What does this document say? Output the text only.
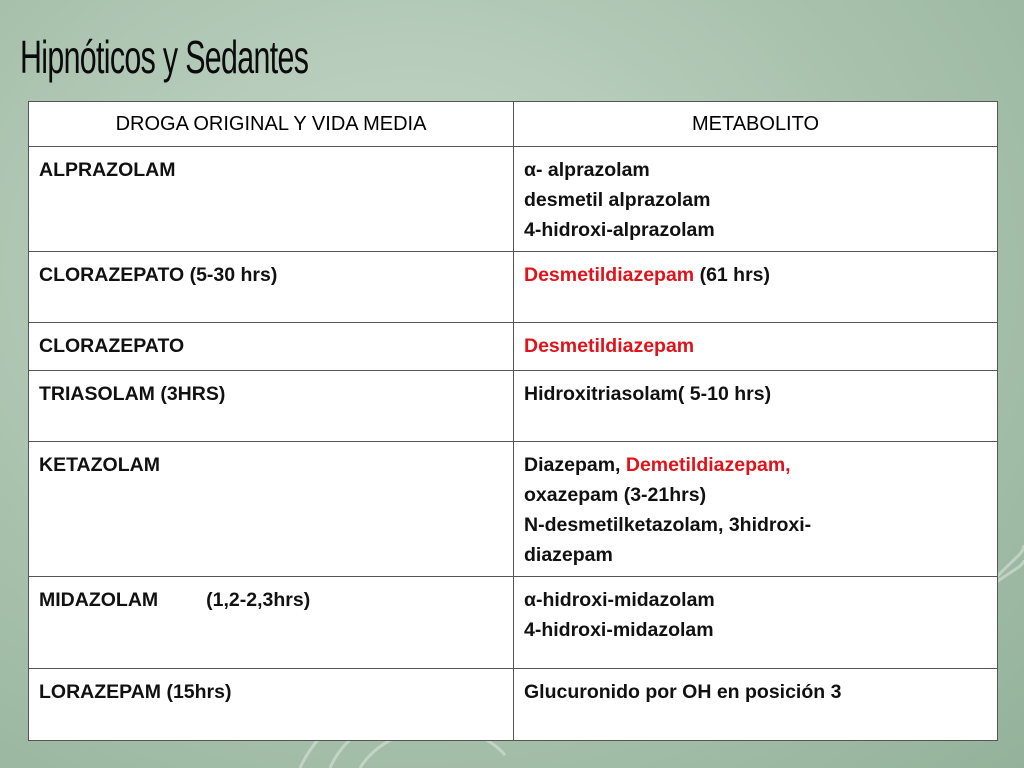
Hipnóticos y Sedantes
DROGA ORIGINAL Y VIDA MEDIA	METABOLITO
ALPRAZOLAM	α- alprazolam
desmetil alprazolam
4-hidroxi-alprazolam

CLORAZEPATO (5-30 hrs)	Desmetildiazepam (61 hrs)

CLORAZEPATO	Desmetildiazepam

TRIASOLAM (3HRS)	Hidroxitriasolam( 5-10 hrs)

KETAZOLAM	Diazepam, Demetildiazepam,
oxazepam (3-21hrs)
N-desmetilketazolam, 3hidroxi-
diazepam

MIDAZOLAM (1,2-2,3hrs)	α-hidroxi-midazolam
4-hidroxi-midazolam

LORAZEPAM (15hrs)	Glucuronido por OH en posición 3
